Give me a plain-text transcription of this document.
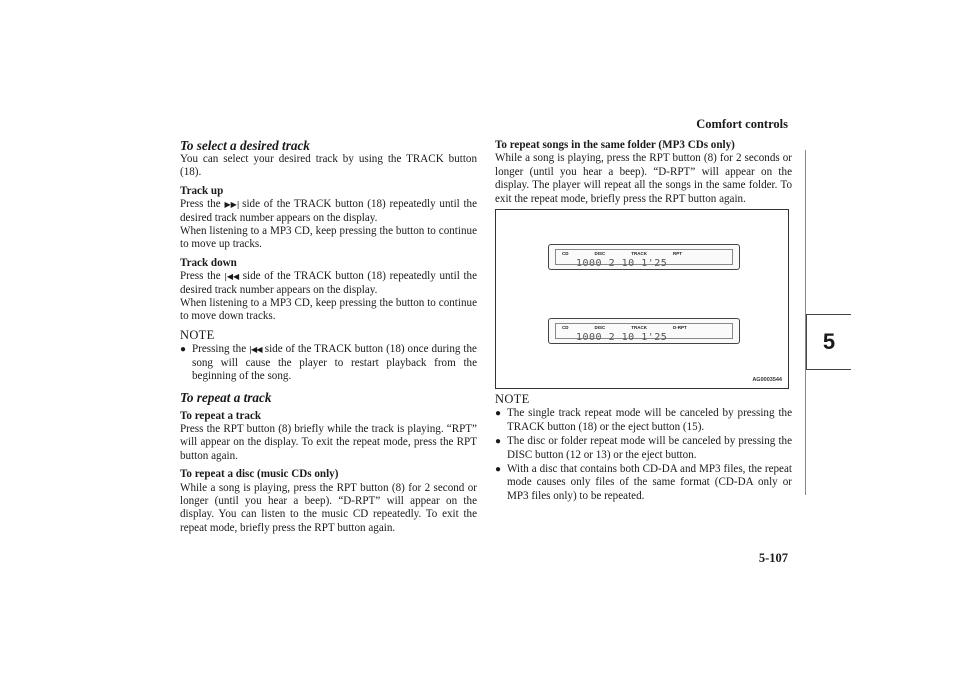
Comfort controls
5
To select a desired track

You can select your desired track by using the TRACK button (18).

Track up

Press the ▶▶| side of the TRACK button (18) repeatedly until the desired track number appears on the display.

When listening to a MP3 CD, keep pressing the button to continue to move up tracks.

Track down

Press the |◀◀ side of the TRACK button (18) repeatedly until the desired track number appears on the display.

When listening to a MP3 CD, keep pressing the button to continue to move down tracks.

NOTE
● Pressing the |◀◀ side of the TRACK button (18) once during the song will cause the player to restart playback from the beginning of the song.
To repeat a track
To repeat a track

Press the RPT button (8) briefly while the track is playing. “RPT” will appear on the display. To exit the repeat mode, press the RPT button again.

To repeat a disc (music CDs only)

While a song is playing, press the RPT button (8) for 2 second or longer (until you hear a beep). “D-RPT” will appear on the display. You can listen to the music CD repeatedly. To exit the repeat mode, briefly press the RPT button again.

To repeat songs in the same folder (MP3 CDs only)

While a song is playing, press the RPT button (8) for 2 seconds or longer (until you hear a beep). “D-RPT” will appear on the display. The player will repeat all the songs in the same folder. To exit the repeat mode, briefly press the RPT button again.

CD	DISC	TRACK	RPT
1000 2 10 1'25
CD	DISC	TRACK	D-RPT
1000 2 10 1'25
AG0003544
NOTE
● The single track repeat mode will be canceled by pressing the TRACK button (18) or the eject button (15).
● The disc or folder repeat mode will be canceled by pressing the DISC button (12 or 13) or the eject button.
● With a disc that contains both CD-DA and MP3 files, the repeat mode causes only files of the same format (CD-DA only or MP3 files only) to be repeated.
5-107
